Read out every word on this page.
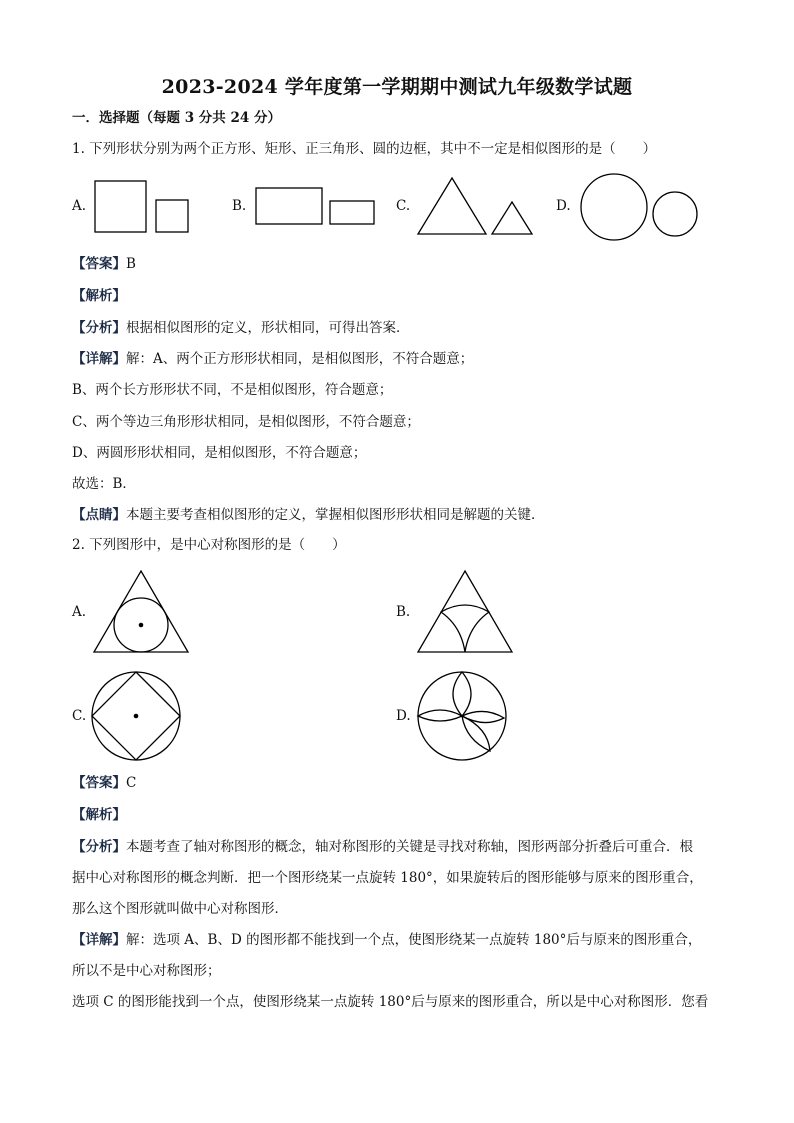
2023-2024 学年度第一学期期中测试九年级数学试题
一．选择题（每题 3 分共 24 分）
1. 下列形状分别为两个正方形、矩形、正三角形、圆的边框，其中不一定是相似图形的是（　　）
A.	B.	C.	D.
【答案】B
【解析】
【分析】根据相似图形的定义，形状相同，可得出答案．
【详解】解：A、两个正方形形状相同，是相似图形，不符合题意；
B、两个长方形形状不同，不是相似图形，符合题意；
C、两个等边三角形形状相同，是相似图形，不符合题意；
D、两圆形形状相同，是相似图形，不符合题意；
故选：B．
【点睛】本题主要考查相似图形的定义，掌握相似图形形状相同是解题的关键．
2. 下列图形中，是中心对称图形的是（　　）
A.	B.
C.	D.
【答案】C
【解析】
【分析】本题考查了轴对称图形的概念，轴对称图形的关键是寻找对称轴，图形两部分折叠后可重合．根
据中心对称图形的概念判断．把一个图形绕某一点旋转 180°，如果旋转后的图形能够与原来的图形重合，
那么这个图形就叫做中心对称图形．
【详解】解：选项 A、B、D 的图形都不能找到一个点，使图形绕某一点旋转 180°后与原来的图形重合，
所以不是中心对称图形；
选项 C 的图形能找到一个点，使图形绕某一点旋转 180°后与原来的图形重合，所以是中心对称图形．您看
